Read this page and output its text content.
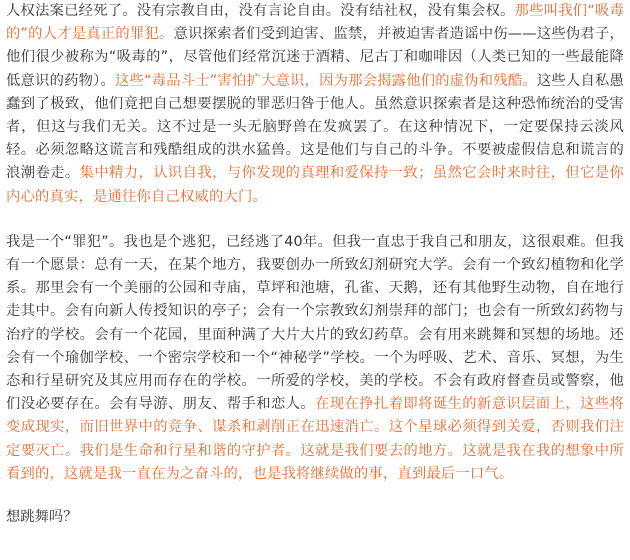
人权法案已经死了。没有宗教自由，没有言论自由。没有结社权，没有集会权。那些叫我们“吸毒的”的人才是真正的罪犯。意识探索者们受到迫害、监禁，并被迫害者造谣中伤——这些伪君子，他们很少被称为“吸毒的”，尽管他们经常沉迷于酒精、尼古丁和咖啡因（人类已知的一些最能降低意识的药物）。这些“毒品斗士”害怕扩大意识，因为那会揭露他们的虚伪和残酷。这些人自私愚蠢到了极致，他们竟把自己想要摆脱的罪恶归咎于他人。虽然意识探索者是这种恐怖统治的受害者，但这与我们无关。这不过是一头无脑野兽在发疯罢了。在这种情况下，一定要保持云淡风轻。必须忽略这谎言和残酷组成的洪水猛兽。这是他们与自己的斗争。不要被虚假信息和谎言的浪潮卷走。集中精力，认识自我，与你发现的真理和爱保持一致；虽然它会时来时往，但它是你内心的真实，是通往你自己权威的大门。

我是一个“罪犯”。我也是个逃犯，已经逃了40年。但我一直忠于我自己和朋友，这很艰难。但我有一个愿景：总有一天，在某个地方，我要创办一所致幻剂研究大学。会有一个致幻植物和化学系。那里会有一个美丽的公园和寺庙，草坪和池塘，孔雀、天鹅，还有其他野生动物，自在地行走其中。会有向新人传授知识的亭子；会有一个宗教致幻剂崇拜的部门；也会有一所致幻药物与治疗的学校。会有一个花园，里面种满了大片大片的致幻药草。会有用来跳舞和冥想的场地。还会有一个瑜伽学校、一个密宗学校和一个“神秘学”学校。一个为呼吸、艺术、音乐、冥想，为生态和行星研究及其应用而存在的学校。一所爱的学校，美的学校。不会有政府督查员或警察，他们没必要存在。会有导游、朋友、帮手和恋人。在现在挣扎着即将诞生的新意识层面上，这些将变成现实，而旧世界中的竞争、谋杀和剥削正在迅速消亡。这个星球必须得到关爱，否则我们注定要灭亡。我们是生命和行星和谐的守护者。这就是我们要去的地方。这就是我在我的想象中所看到的，这就是我一直在为之奋斗的，也是我将继续做的事，直到最后一口气。

想跳舞吗？
